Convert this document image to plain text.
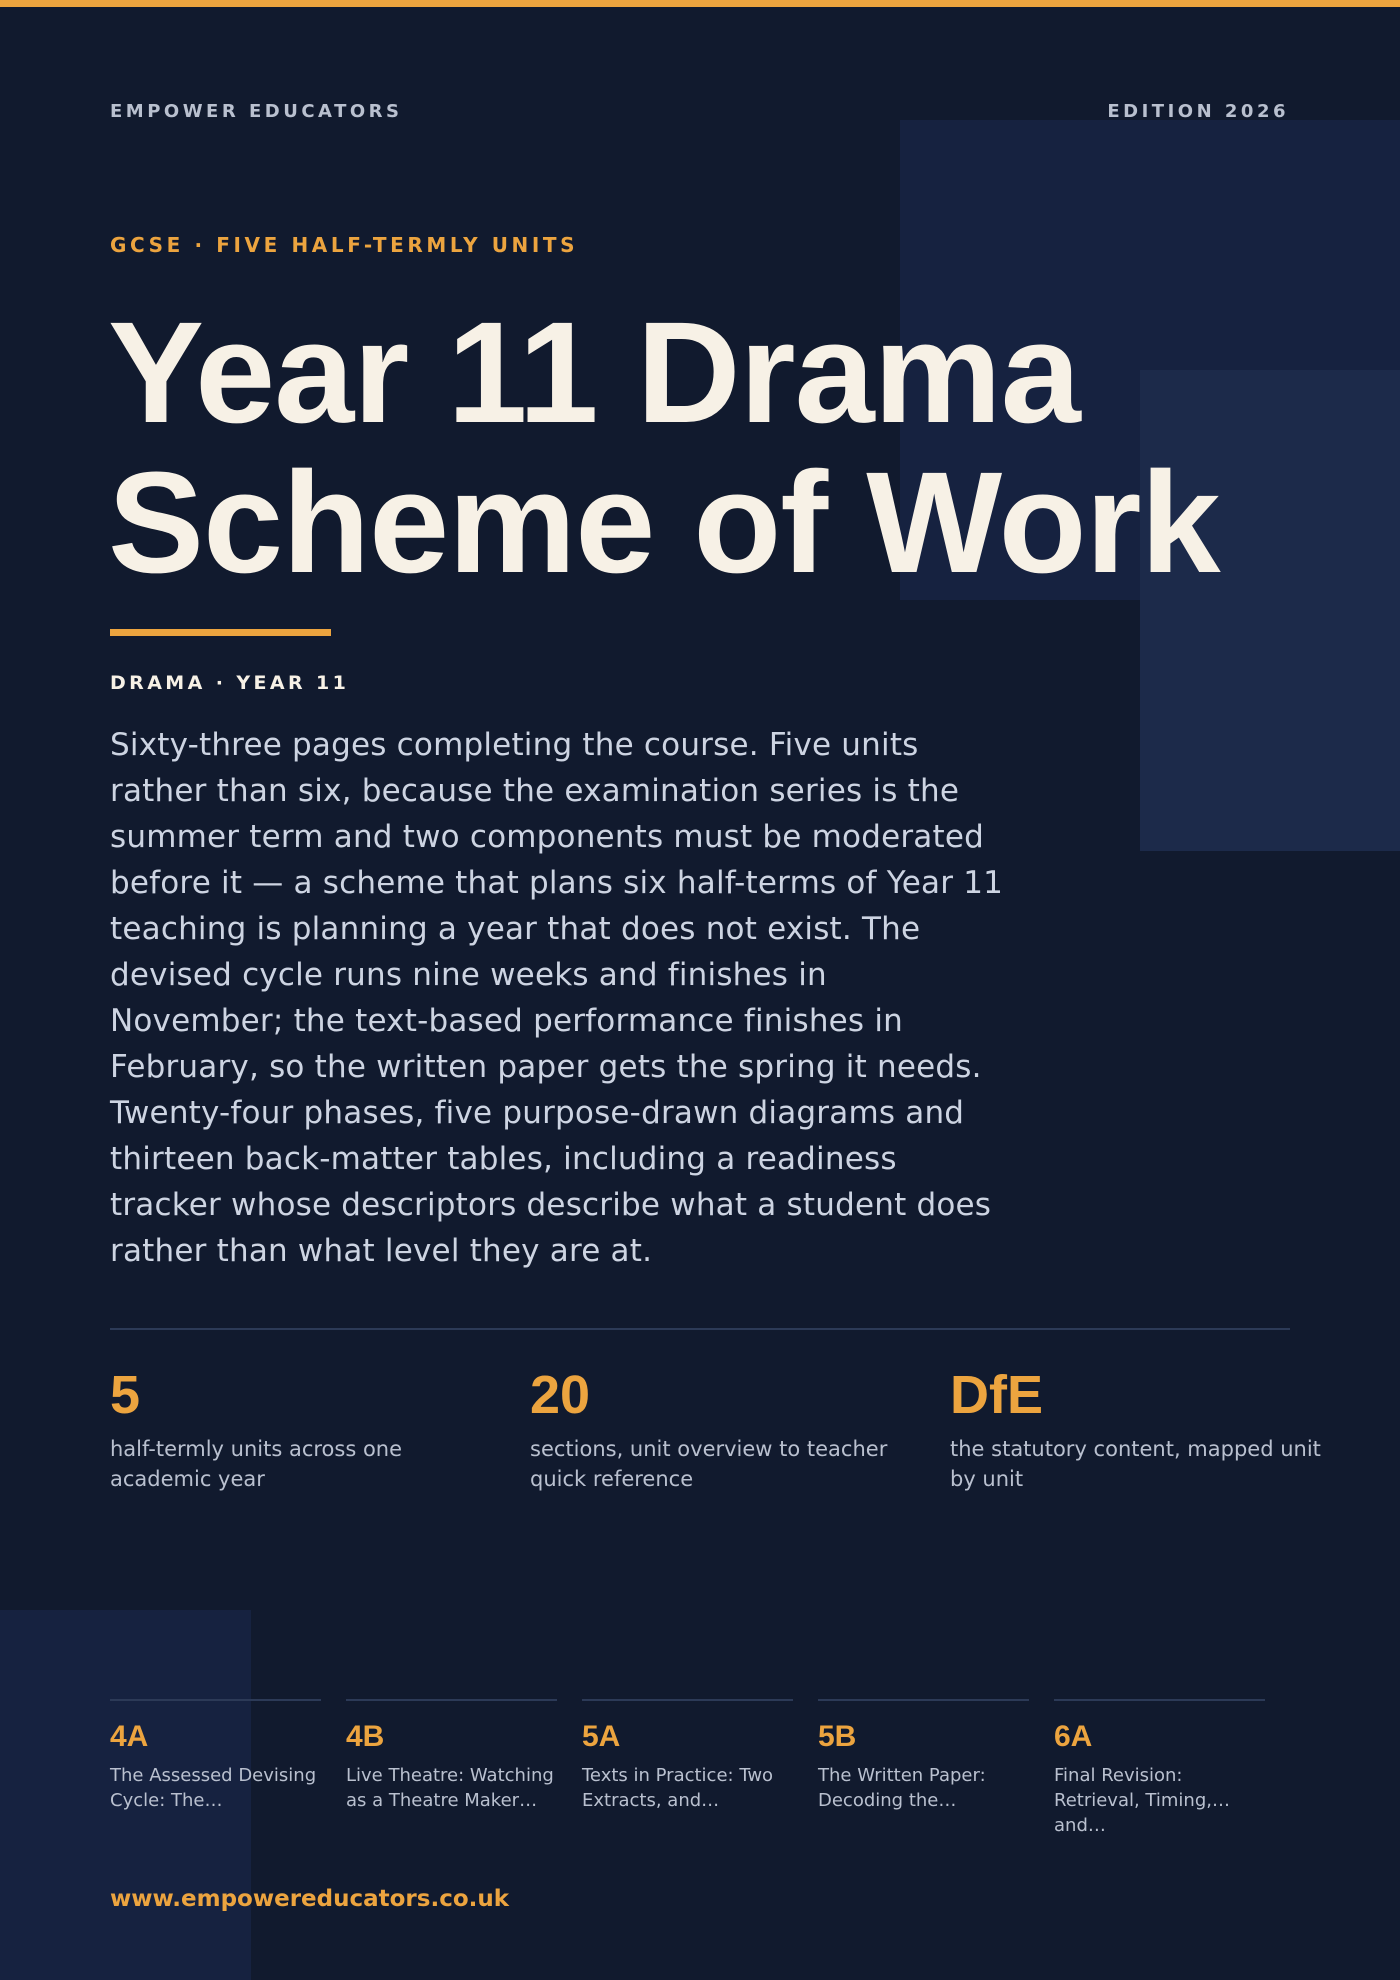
EMPOWER EDUCATORS	EDITION 2026

GCSE · FIVE HALF-TERMLY UNITS

Year 11 Drama
Scheme of Work

DRAMA · YEAR 11

Sixty-three pages completing the course. Five units rather than six, because the examination series is the summer term and two components must be moderated before it — a scheme that plans six half-terms of Year 11 teaching is planning a year that does not exist. The devised cycle runs nine weeks and finishes in November; the text-based performance finishes in February, so the written paper gets the spring it needs. Twenty-four phases, five purpose-drawn diagrams and thirteen back-matter tables, including a readiness tracker whose descriptors describe what a student does rather than what level they are at.

5

half-termly units across one academic year

20

sections, unit overview to teacher quick reference

DfE

the statutory content, mapped unit by unit

4A

The Assessed Devising Cycle: The…

4B

Live Theatre: Watching as a Theatre Maker…

5A

Texts in Practice: Two Extracts, and…

5B

The Written Paper: Decoding the…

6A

Final Revision: Retrieval, Timing, and…

www.empowereducators.co.uk
